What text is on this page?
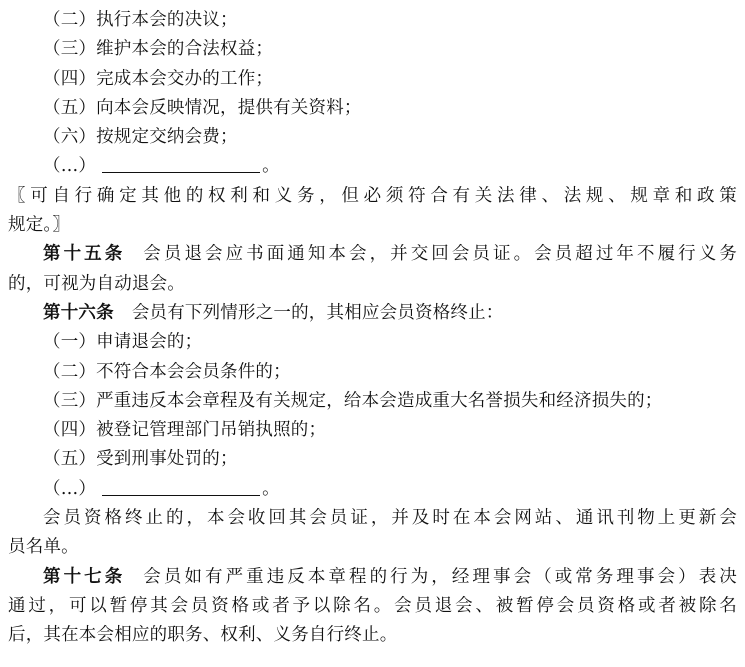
（二）执行本会的决议；
（三）维护本会的合法权益；
（四）完成本会交办的工作；
（五）向本会反映情况，提供有关资料；
（六）按规定交纳会费；
（…）	。
〖可自行确定其他的权利和义务，但必须符合有关法律、法规、规章和政策
规定。〗
第十五条 会员退会应书面通知本会，并交回会员证。会员超过年不履行义务
的，可视为自动退会。
第十六条 会员有下列情形之一的，其相应会员资格终止：
（一）申请退会的；
（二）不符合本会会员条件的；
（三）严重违反本会章程及有关规定，给本会造成重大名誉损失和经济损失的；
（四）被登记管理部门吊销执照的；
（五）受到刑事处罚的；
（…）	。
会员资格终止的，本会收回其会员证，并及时在本会网站、通讯刊物上更新会
员名单。
第十七条 会员如有严重违反本章程的行为，经理事会（或常务理事会）表决
通过，可以暂停其会员资格或者予以除名。会员退会、被暂停会员资格或者被除名
后，其在本会相应的职务、权利、义务自行终止。
